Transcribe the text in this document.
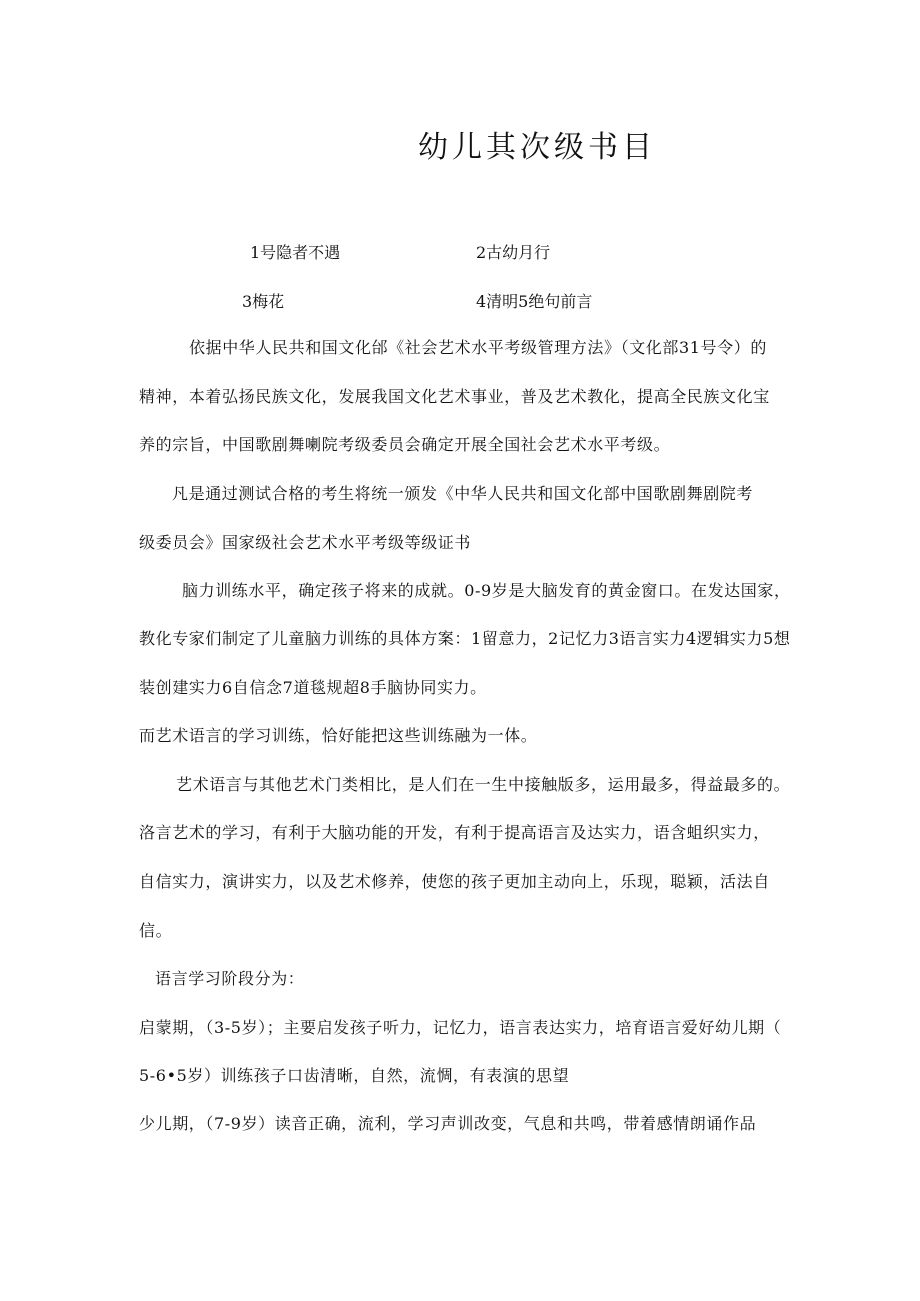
幼儿其次级书目
1号隐者不遇	2古幼月行
3梅花	4清明5绝句前言

依据中华人民共和国文化邰《社会艺术水平考级管理方法》（文化部31号令）的

精神，本着弘扬民族文化，发展我国文化艺术事业，普及艺术教化，提高全民族文化宝

养的宗旨，中国歌剧舞喇院考级委员会确定开展全国社会艺术水平考级。

凡是通过测试合格的考生将统一颁发《中华人民共和国文化部中国歌剧舞剧院考

级委员会》国家级社会艺术水平考级等级证书

脑力训练水平，确定孩子将来的成就。0-9岁是大脑发育的黄金窗口。在发达国家，

教化专家们制定了儿童脑力训练的具体方案：1留意力，2记忆力3语言实力4逻辑实力5想

装创建实力6自信念7道毯规超8手脑协同实力。

而艺术语言的学习训练，恰好能把这些训练融为一体。

艺术语言与其他艺术门类相比，是人们在一生中接触版多，运用最多，得益最多的。

洛言艺术的学习，有利于大脑功能的开发，有利于提高语言及达实力，语含蛆织实力，

自信实力，演讲实力，以及艺术修养，使您的孩子更加主动向上，乐现，聪颖，活法自

信。

语言学习阶段分为：

启蒙期，（3-5岁）；主要启发孩子听力，记忆力，语言表达实力，培育语言爱好幼儿期（

5-6•5岁）训练孩子口齿清晰，自然，流惆，有表演的思望

少儿期，（7-9岁）读音正确，流利，学习声训改变，气息和共鸣，带着感情朗诵作品
